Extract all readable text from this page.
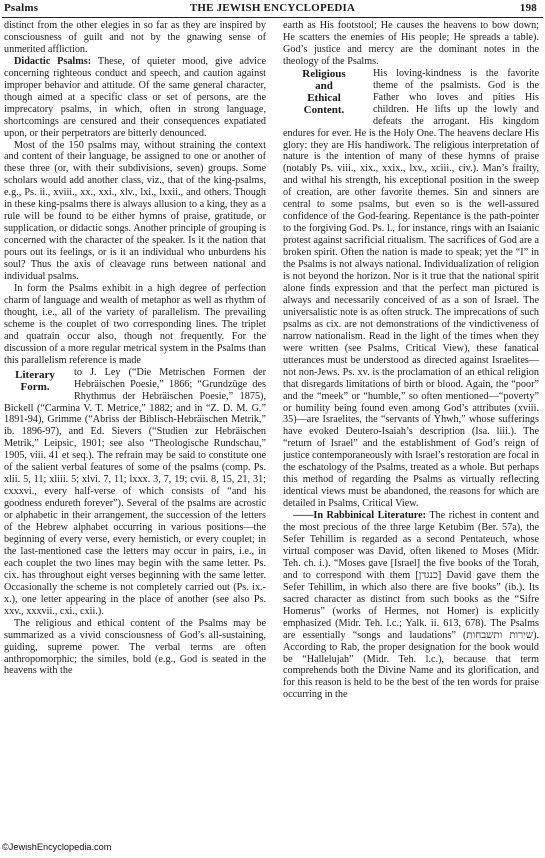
Psalms	THE JEWISH ENCYCLOPEDIA	198

distinct from the other elegies in so far as they are inspired by consciousness of guilt and not by the gnawing sense of unmerited affliction.

Didactic Psalms: These, of quieter mood, give advice concerning righteous conduct and speech, and caution against improper behavior and attitude. Of the same general character, though aimed at a specific class or set of persons, are the imprecatory psalms, in which, often in strong language, shortcomings are censured and their consequences expatiated upon, or their perpetrators are bitterly denounced.

Most of the 150 psalms may, without straining the context and content of their language, be assigned to one or another of these three (or, with their subdivisions, seven) groups. Some scholars would add another class, viz., that of the king-psalms, e.g., Ps. ii., xviii., xx., xxi., xlv., lxi., lxxii., and others. Though in these king-psalms there is always allusion to a king, they as a rule will be found to be either hymns of praise, gratitude, or supplication, or didactic songs. Another principle of grouping is concerned with the character of the speaker. Is it the nation that pours out its feelings, or is it an individual who unburdens his soul? Thus the axis of cleavage runs between national and individual psalms.

In form the Psalms exhibit in a high degree of perfection charm of language and wealth of metaphor as well as rhythm of thought, i.e., all of the variety of parallelism. The prevailing scheme is the couplet of two corresponding lines. The triplet and quatrain occur also, though not frequently. For the discussion of a more regular metrical system in the Psalms than this parallelism reference is made

Literary
Form.
to J. Ley (“Die Metrischen Formen der Hebräischen Poesie,” 1866; “Grundzüge des Rhythmus der Hebräischen Poesie,” 1875), Bickell (“Carmina V. T. Metrice,” 1882; and in “Z. D. M. G.” 1891-94), Grimme (“Abriss der Biblisch-Hebräischen Metrik,” ib. 1896-97), and Ed. Sievers (“Studien zur Hebräischen Metrik,” Leipsic, 1901; see also “Theologische Rundschau,” 1905, viii. 41 et seq.). The refrain may be said to constitute one of the salient verbal features of some of the psalms (comp. Ps. xlii. 5, 11; xliii. 5; xlvi. 7, 11; lxxx. 3, 7, 19; cvii. 8, 15, 21, 31; cxxxvi., every half-verse of which consists of “and his goodness endureth forever”). Several of the psalms are acrostic or alphabetic in their arrangement, the succession of the letters of the Hebrew alphabet occurring in various positions—the beginning of every verse, every hemistich, or every couplet; in the last-mentioned case the letters may occur in pairs, i.e., in each couplet the two lines may begin with the same letter. Ps. cix. has throughout eight verses beginning with the same letter. Occasionally the scheme is not completely carried out (Ps. ix.-x.), one letter appearing in the place of another (see also Ps. xxv., xxxvii., cxi., cxii.).

The religious and ethical content of the Psalms may be summarized as a vivid consciousness of God’s all-sustaining, guiding, supreme power. The verbal terms are often anthropomorphic; the similes, bold (e.g., God is seated in the heavens with the

earth as His footstool; He causes the heavens to bow down; He scatters the enemies of His people; He spreads a table). God’s justice and mercy are the dominant notes in the theology of the Psalms.

Religious
and
Ethical
Content.
His loving-kindness is the favorite theme of the psalmists. God is the Father who loves and pities His children. He lifts up the lowly and defeats the arrogant. His kingdom endures for ever. He is the Holy One. The heavens declare His glory: they are His handiwork. The religious interpretation of nature is the intention of many of these hymns of praise (notably Ps. viii., xix., xxix., lxv., xciii., civ.). Man’s frailty, and withal his strength, his exceptional position in the sweep of creation, are other favorite themes. Sin and sinners are central to some psalms, but even so is the well-assured confidence of the God-fearing. Repentance is the path-pointer to the forgiving God. Ps. l., for instance, rings with an Isaianic protest against sacrificial ritualism. The sacrifices of God are a broken spirit. Often the nation is made to speak; yet the “I” in the Psalms is not always national. Individualization of religion is not beyond the horizon. Nor is it true that the national spirit alone finds expression and that the perfect man pictured is always and necessarily conceived of as a son of Israel. The universalistic note is as often struck. The imprecations of such psalms as cix. are not demonstrations of the vindictiveness of narrow nationalism. Read in the light of the times when they were written (see Psalms, Critical View), these fanatical utterances must be understood as directed against Israelites—not non-Jews. Ps. xv. is the proclamation of an ethical religion that disregards limitations of birth or blood. Again, the “poor” and the “meek” or “humble,” so often mentioned—“poverty” or humility being found even among God’s attributes (xviii. 35)—are Israelites, the “servants of Yhwh,” whose sufferings have evoked Deutero-Isaiah’s description (Isa. liii.). The “return of Israel” and the establishment of God’s reign of justice contemporaneously with Israel’s restoration are focal in the eschatology of the Psalms, treated as a whole. But perhaps this method of regarding the Psalms as virtually reflecting identical views must be abandoned, the reasons for which are detailed in Psalms, Critical View.

——In Rabbinical Literature: The richest in content and the most precious of the three large Ketubim (Ber. 57a), the Sefer Tehillim is regarded as a second Pentateuch, whose virtual composer was David, often likened to Moses (Midr. Teh. ch. i.). “Moses gave [Israel] the five books of the Torah, and to correspond with them [כנגדן] David gave them the Sefer Tehillim, in which also there are five books” (ib.). Its sacred character as distinct from such books as the “Sifre Homerus” (works of Hermes, not Homer) is explicitly emphasized (Midr. Teh. l.c.; Yalk. ii. 613, 678). The Psalms are essentially “songs and laudations” (שירות ותשבחות). According to Rab, the proper designation for the book would be “Hallelujah” (Midr. Teh. l.c.), because that term comprehends both the Divine Name and its glorification, and for this reason is held to be the best of the ten words for praise occurring in the

©JewishEncyclopedia.com
